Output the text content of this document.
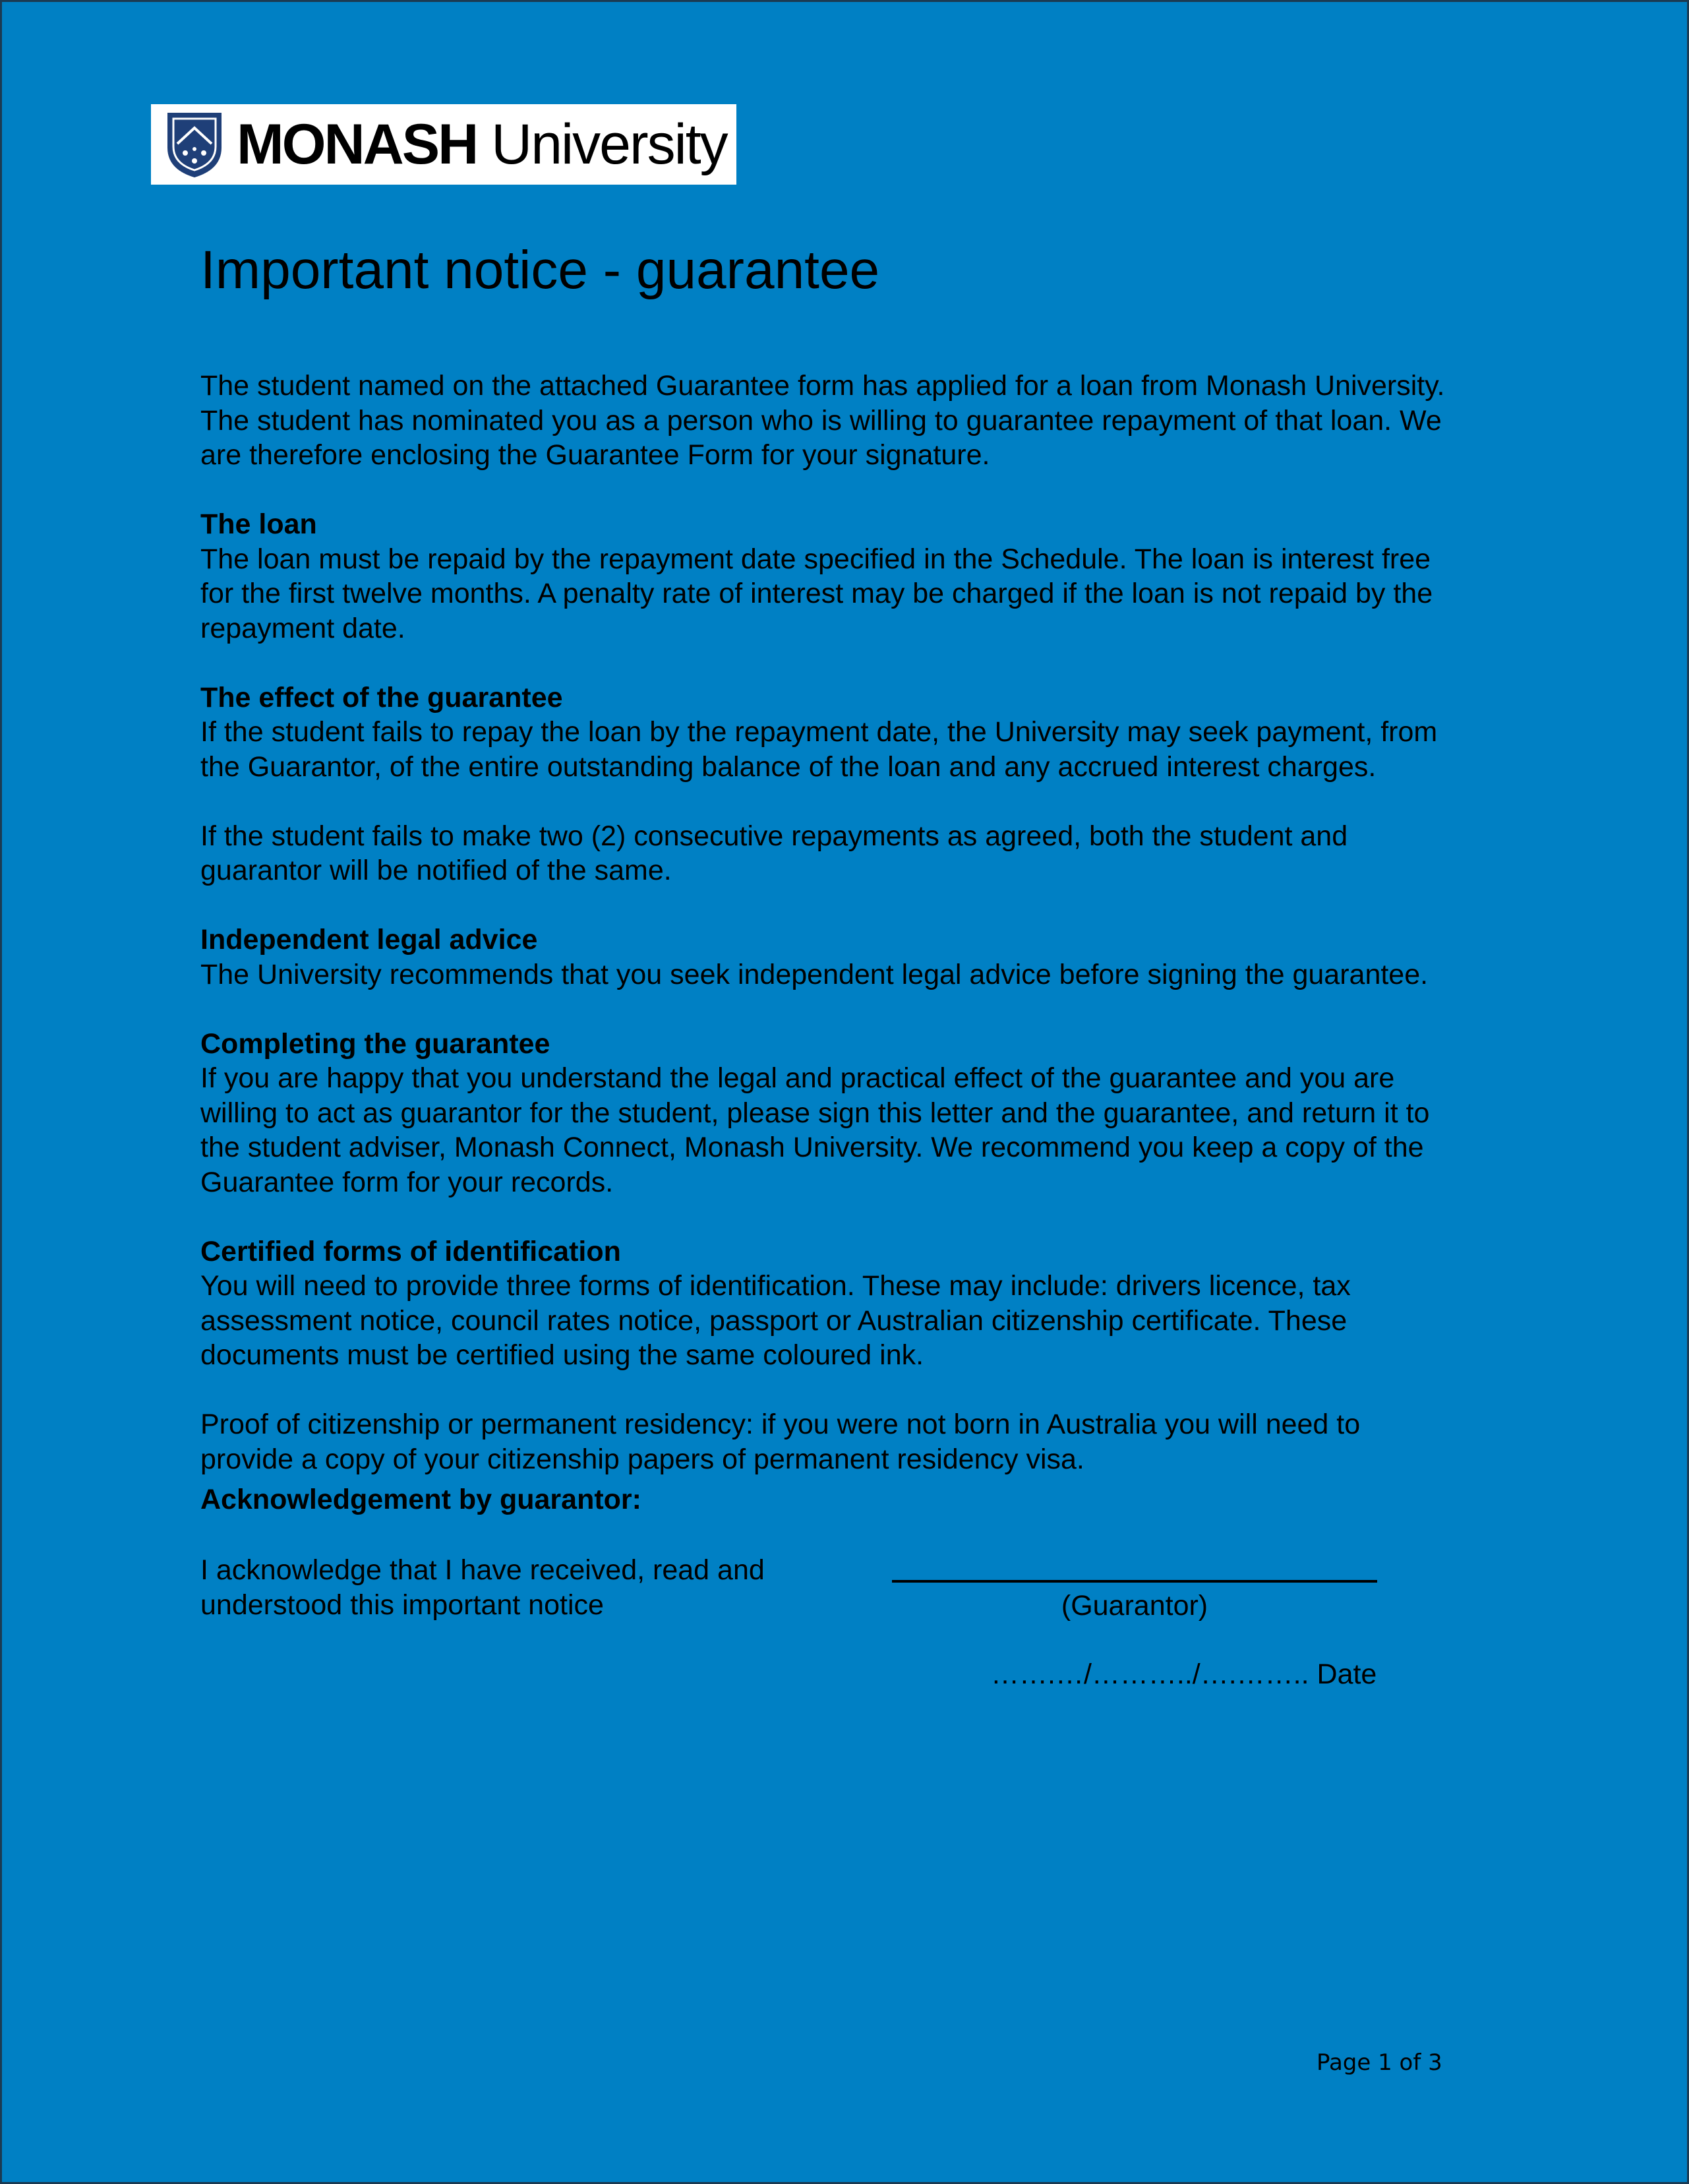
MONASH University
Important notice - guarantee

The student named on the attached Guarantee form has applied for a loan from Monash University. The student has nominated you as a person who is willing to guarantee repayment of that loan. We are therefore enclosing the Guarantee Form for your signature.

The loan

The loan must be repaid by the repayment date specified in the Schedule. The loan is interest free for the first twelve months. A penalty rate of interest may be charged if the loan is not repaid by the repayment date.

The effect of the guarantee

If the student fails to repay the loan by the repayment date, the University may seek payment, from the Guarantor, of the entire outstanding balance of the loan and any accrued interest charges.

If the student fails to make two (2) consecutive repayments as agreed, both the student and guarantor will be notified of the same.

Independent legal advice

The University recommends that you seek independent legal advice before signing the guarantee.

Completing the guarantee

If you are happy that you understand the legal and practical effect of the guarantee and you are willing to act as guarantor for the student, please sign this letter and the guarantee, and return it to the student adviser, Monash Connect, Monash University. We recommend you keep a copy of the Guarantee form for your records.

Certified forms of identification

You will need to provide three forms of identification. These may include: drivers licence, tax assessment notice, council rates notice, passport or Australian citizenship certificate. These documents must be certified using the same coloured ink.

Proof of citizenship or permanent residency: if you were not born in Australia you will need to provide a copy of your citizenship papers of permanent residency visa.

Acknowledgement by guarantor:
I acknowledge that I have received, read and
understood this important notice	(Guarantor)
…….…/………../….…….. Date
Page 1 of 3
